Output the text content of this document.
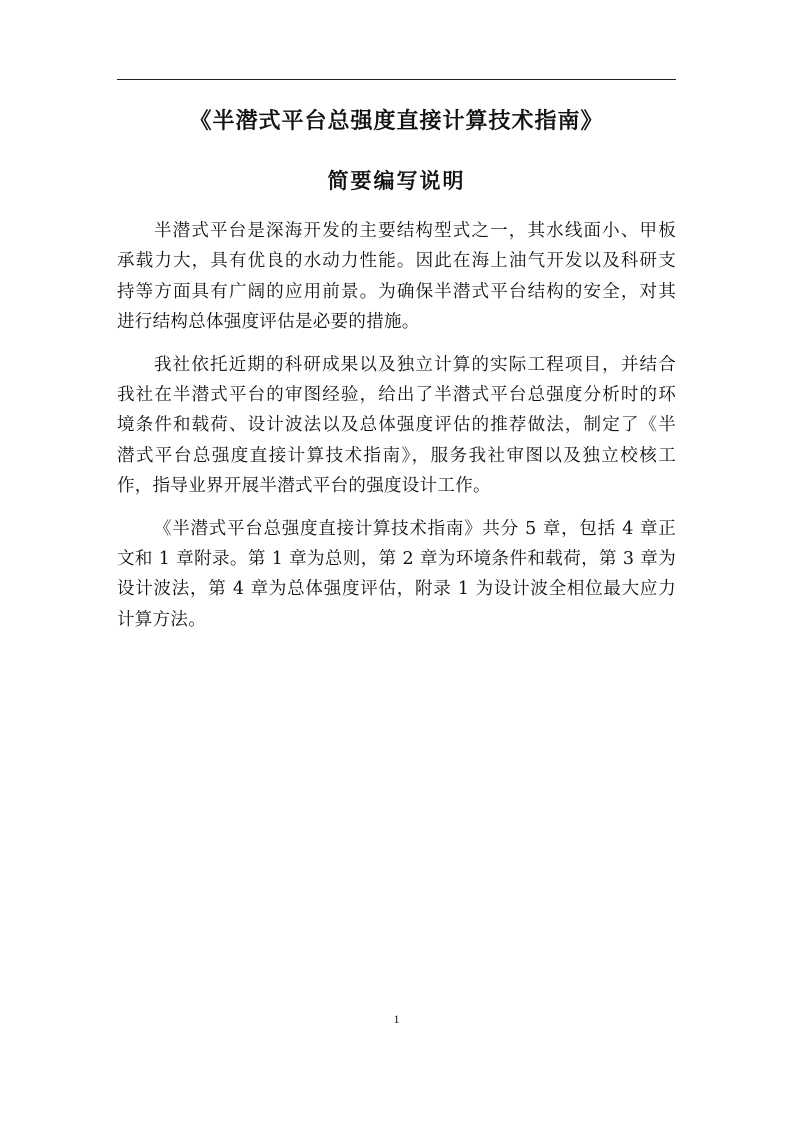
《半潜式平台总强度直接计算技术指南》
简要编写说明
半潜式平台是深海开发的主要结构型式之一，其水线面小、甲板
承载力大，具有优良的水动力性能。因此在海上油气开发以及科研支
持等方面具有广阔的应用前景。为确保半潜式平台结构的安全，对其
进行结构总体强度评估是必要的措施。
我社依托近期的科研成果以及独立计算的实际工程项目，并结合
我社在半潜式平台的审图经验，给出了半潜式平台总强度分析时的环
境条件和载荷、设计波法以及总体强度评估的推荐做法，制定了《半
潜式平台总强度直接计算技术指南》，服务我社审图以及独立校核工
作，指导业界开展半潜式平台的强度设计工作。
《半潜式平台总强度直接计算技术指南》共分 5 章，包括 4 章正
文和 1 章附录。第 1 章为总则，第 2 章为环境条件和载荷，第 3 章为
设计波法，第 4 章为总体强度评估，附录 1 为设计波全相位最大应力
计算方法。
1
